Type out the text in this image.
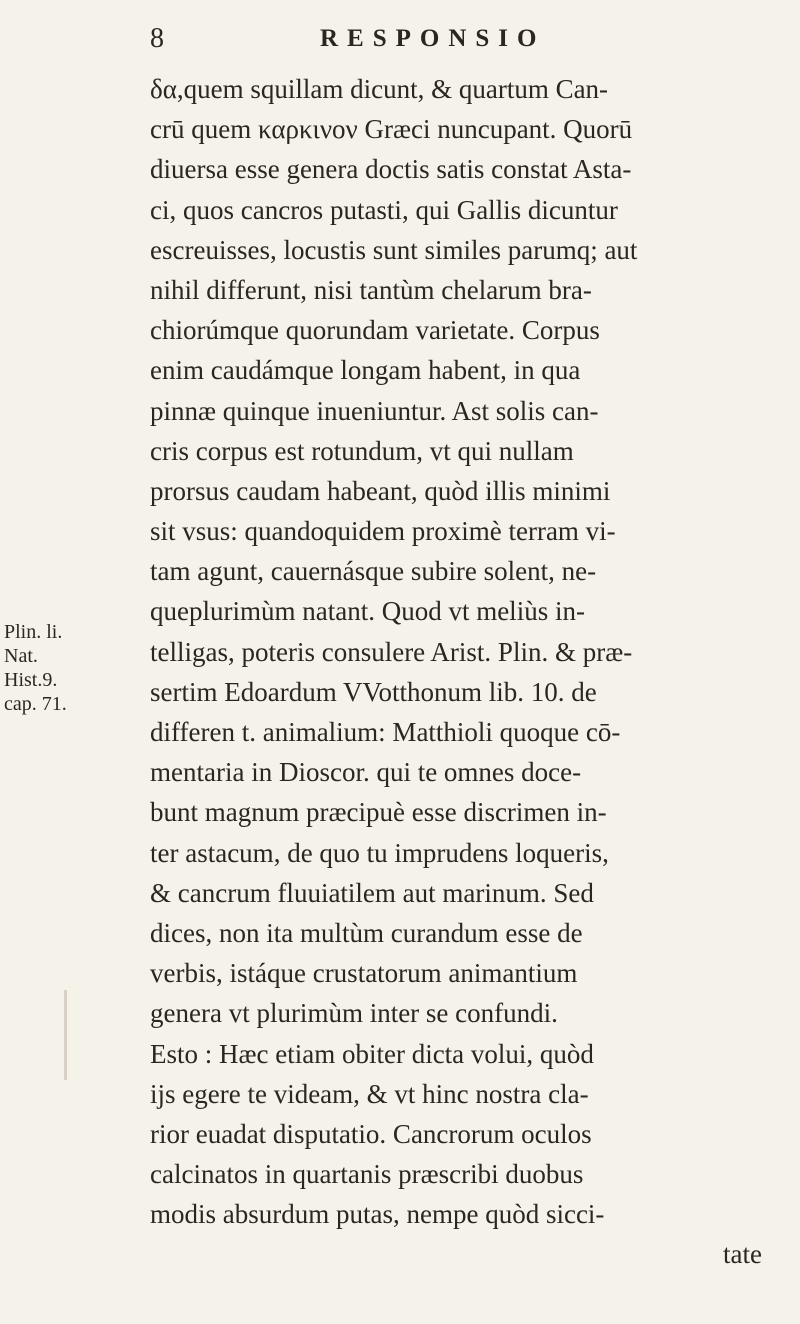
8	RESPONSIO
Plin. li.
Nat.
Hist.9.
cap. 71.
δα,quem squillam dicunt, & quartum Can-
crū quem καρκινον Græci nuncupant. Quorū
diuersa esse genera doctis satis constat Asta-
ci, quos cancros putasti, qui Gallis dicuntur
escreuisses, locustis sunt similes parumq; aut
nihil differunt, nisi tantùm chelarum bra-
chiorúmque quorundam varietate. Corpus
enim caudámque longam habent, in qua
pinnæ quinque inueniuntur. Ast solis can-
cris corpus est rotundum, vt qui nullam
prorsus caudam habeant, quòd illis minimi
sit vsus: quandoquidem proximè terram vi-
tam agunt, cauernásque subire solent, ne-
queplurimùm natant. Quod vt meliùs in-
telligas, poteris consulere Arist. Plin. & præ-
sertim Edoardum VVotthonum lib. 10. de
differen t. animalium: Matthioli quoque cō-
mentaria in Dioscor. qui te omnes doce-
bunt magnum præcipuè esse discrimen in-
ter astacum, de quo tu imprudens loqueris,
& cancrum fluuiatilem aut marinum. Sed
dices, non ita multùm curandum esse de
verbis, istáque crustatorum animantium
genera vt plurimùm inter se confundi.
Esto : Hæc etiam obiter dicta volui, quòd
ijs egere te videam, & vt hinc nostra cla-
rior euadat disputatio. Cancrorum oculos
calcinatos in quartanis præscribi duobus
modis absurdum putas, nempe quòd sicci-
tate
